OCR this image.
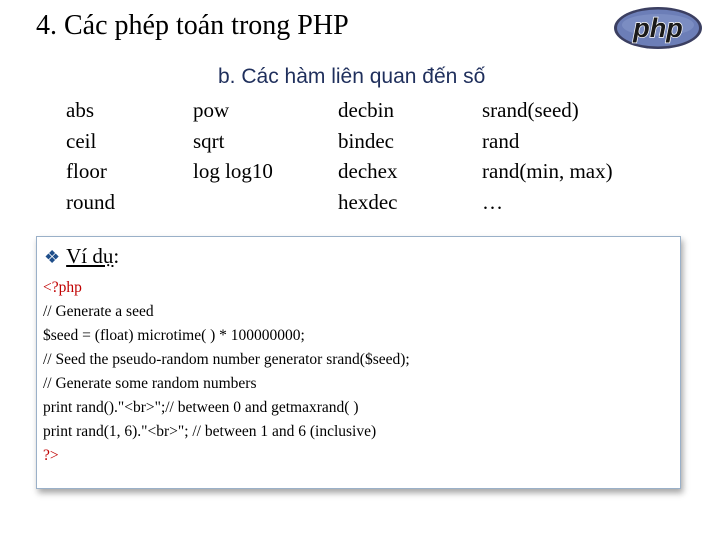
4. Các phép toán trong PHP	php
b. Các hàm liên quan đến số
abs
ceil
floor
round
pow
sqrt
log log10
decbin
bindec
dechex
hexdec
srand(seed)
rand
rand(min, max)
…
❖ Ví dụ:
<?php
// Generate a seed
$seed = (float) microtime( ) * 100000000;
// Seed the pseudo-random number generator srand($seed);
// Generate some random numbers
print rand()."<br>";// between 0 and getmaxrand( )
print rand(1, 6)."<br>"; // between 1 and 6 (inclusive)
?>
